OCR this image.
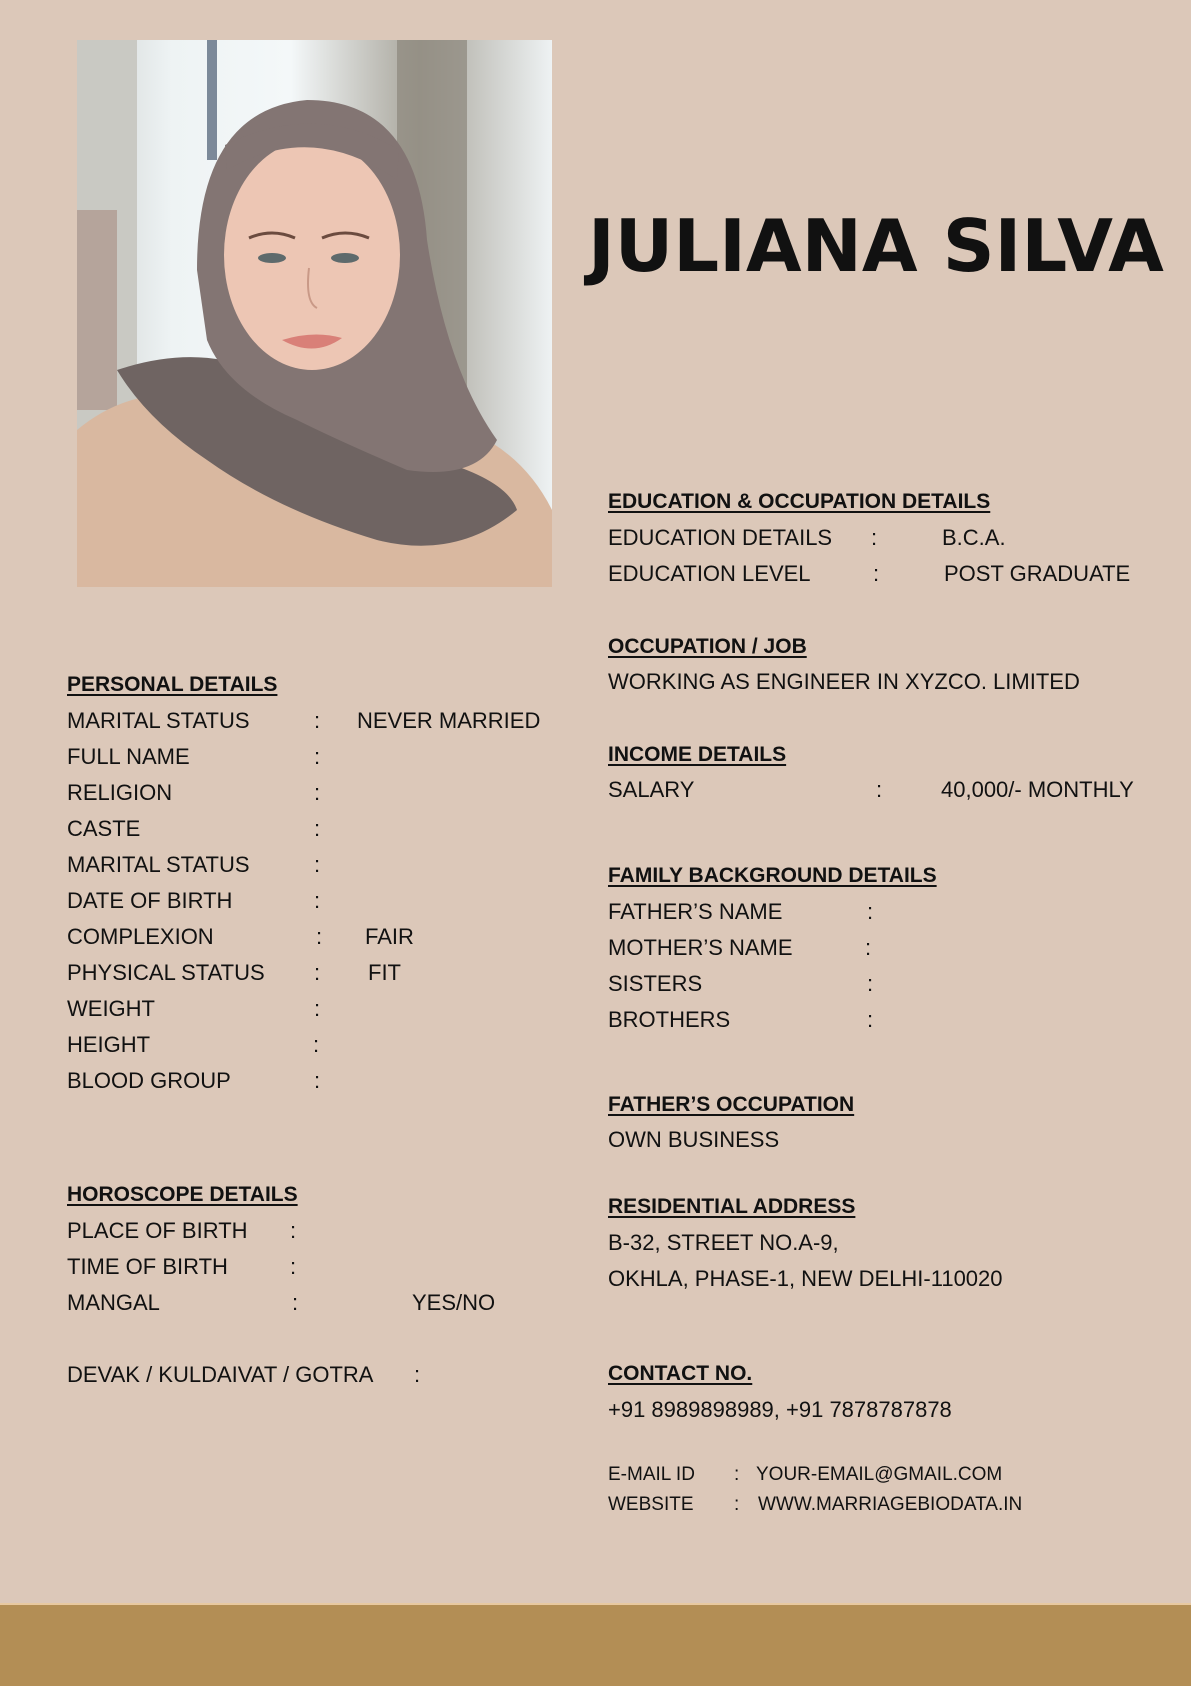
JULIANA SILVA
PERSONAL DETAILS
MARITAL STATUS	: NEVER MARRIED
FULL NAME	:
RELIGION	:
CASTE	:
MARITAL STATUS	:
DATE OF BIRTH	:
COMPLEXION	: FAIR
PHYSICAL STATUS : FIT
WEIGHT	:
HEIGHT	:
BLOOD GROUP	:
HOROSCOPE DETAILS
PLACE OF BIRTH :
TIME OF BIRTH	:
MANGAL	:	YES/NO
DEVAK / KULDAIVAT / GOTRA :
EDUCATION & OCCUPATION DETAILS
EDUCATION DETAILS :	B.C.A.
EDUCATION LEVEL	:	POST GRADUATE
OCCUPATION / JOB
WORKING AS ENGINEER IN XYZCO. LIMITED
INCOME DETAILS
SALARY	:	40,000/- MONTHLY
FAMILY BACKGROUND DETAILS
FATHER’S NAME	:
MOTHER’S NAME	:
SISTERS	:
BROTHERS	:
FATHER’S OCCUPATION
OWN BUSINESS
RESIDENTIAL ADDRESS
B-32, STREET NO.A-9,
OKHLA, PHASE-1, NEW DELHI-110020
CONTACT NO.
+91 8989898989, +91 7878787878
E-MAIL ID : YOUR-EMAIL@GMAIL.COM
WEBSITE : WWW.MARRIAGEBIODATA.IN
